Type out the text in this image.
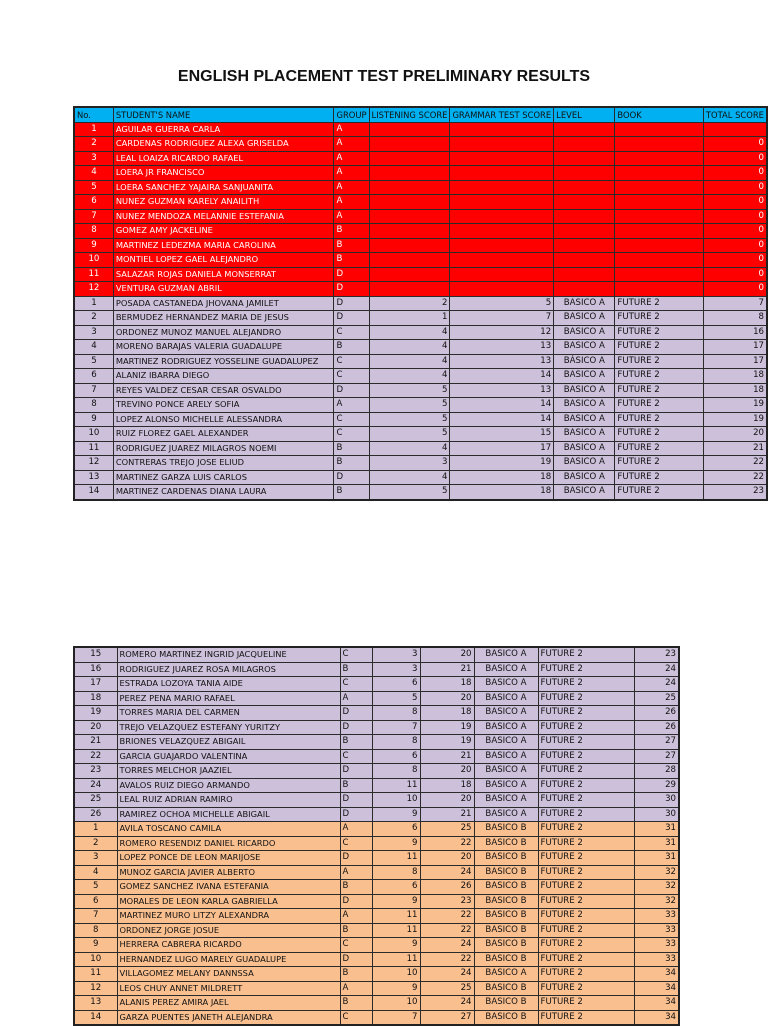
ENGLISH PLACEMENT TEST PRELIMINARY RESULTS
No.	STUDENT'S NAME	GROUP	LISTENING SCORE	GRAMMAR TEST SCORE	LEVEL	BOOK	TOTAL SCORE
1	AGUILAR GUERRA CARLA	A					
2	CARDENAS RODRIGUEZ ALEXA GRISELDA	A					0
3	LEAL LOAIZA RICARDO RAFAEL	A					0
4	LOERA JR FRANCISCO	A					0
5	LOERA SANCHEZ YAJAIRA SANJUANITA	A					0
6	NUNEZ GUZMAN KARELY ANAILITH	A					0
7	NUNEZ MENDOZA MELANNIE ESTEFANIA	A					0
8	GOMEZ AMY JACKELINE	B					0
9	MARTINEZ LEDEZMA MARIA CAROLINA	B					0
10	MONTIEL LOPEZ GAEL ALEJANDRO	B					0
11	SALAZAR ROJAS DANIELA MONSERRAT	D					0
12	VENTURA GUZMAN ABRIL	D					0
1	POSADA CASTANEDA JHOVANA JAMILET	D	2	5	BASICO A	FUTURE 2	7
2	BERMUDEZ HERNANDEZ MARIA DE JESUS	D	1	7	BASICO A	FUTURE 2	8
3	ORDONEZ MUNOZ MANUEL ALEJANDRO	C	4	12	BASICO A	FUTURE 2	16
4	MORENO BARAJAS VALERIA GUADALUPE	B	4	13	BASICO A	FUTURE 2	17
5	MARTINEZ RODRIGUEZ YOSSELINE GUADALUPEZ	C	4	13	BÁSICO A	FUTURE 2	17
6	ALANIZ IBARRA DIEGO	C	4	14	BASICO A	FUTURE 2	18
7	REYES VALDEZ CESAR CESAR OSVALDO	D	5	13	BASICO A	FUTURE 2	18
8	TREVINO PONCE ARELY SOFIA	A	5	14	BASICO A	FUTURE 2	19
9	LOPEZ ALONSO MICHELLE ALESSANDRA	C	5	14	BASICO A	FUTURE 2	19
10	RUIZ FLOREZ GAEL ALEXANDER	C	5	15	BASICO A	FUTURE 2	20
11	RODRIGUEZ JUAREZ MILAGROS NOEMI	B	4	17	BASICO A	FUTURE 2	21
12	CONTRERAS TREJO JOSE ELIUD	B	3	19	BASICO A	FUTURE 2	22
13	MARTINEZ GARZA LUIS CARLOS	D	4	18	BASICO A	FUTURE 2	22
14	MARTINEZ CARDENAS DIANA LAURA	B	5	18	BASICO A	FUTURE 2	23
15	ROMERO MARTINEZ INGRID JACQUELINE	C	3	20	BASICO A	FUTURE 2	23
16	RODRIGUEZ JUAREZ ROSA MILAGROS	B	3	21	BASICO A	FUTURE 2	24
17	ESTRADA LOZOYA TANIA AIDE	C	6	18	BASICO A	FUTURE 2	24
18	PEREZ PENA MARIO RAFAEL	A	5	20	BASICO A	FUTURE 2	25
19	TORRES MARIA DEL CARMEN	D	8	18	BASICO A	FUTURE 2	26
20	TREJO VELAZQUEZ ESTEFANY YURITZY	D	7	19	BASICO A	FUTURE 2	26
21	BRIONES VELAZQUEZ ABIGAIL	B	8	19	BASICO A	FUTURE 2	27
22	GARCIA GUAJARDO VALENTINA	C	6	21	BASICO A	FUTURE 2	27
23	TORRES MELCHOR JAAZIEL	D	8	20	BASICO A	FUTURE 2	28
24	AVALOS RUIZ DIEGO ARMANDO	B	11	18	BASICO A	FUTURE 2	29
25	LEAL RUIZ ADRIAN RAMIRO	D	10	20	BASICO A	FUTURE 2	30
26	RAMIREZ OCHOA MICHELLE ABIGAIL	D	9	21	BASICO A	FUTURE 2	30
1	AVILA TOSCANO CAMILA	A	6	25	BASICO B	FUTURE 2	31
2	ROMERO RESENDIZ DANIEL RICARDO	C	9	22	BASICO B	FUTURE 2	31
3	LOPEZ PONCE DE LEON MARIJOSE	D	11	20	BASICO B	FUTURE 2	31
4	MUNOZ GARCIA JAVIER ALBERTO	A	8	24	BASICO B	FUTURE 2	32
5	GOMEZ SANCHEZ IVANA ESTEFANIA	B	6	26	BASICO B	FUTURE 2	32
6	MORALES DE LEON KARLA GABRIELLA	D	9	23	BASICO B	FUTURE 2	32
7	MARTINEZ MURO LITZY ALEXANDRA	A	11	22	BASICO B	FUTURE 2	33
8	ORDONEZ JORGE JOSUE	B	11	22	BASICO B	FUTURE 2	33
9	HERRERA CABRERA RICARDO	C	9	24	BASICO B	FUTURE 2	33
10	HERNANDEZ LUGO MARELY GUADALUPE	D	11	22	BASICO B	FUTURE 2	33
11	VILLAGOMEZ MELANY DANNSSA	B	10	24	BASICO A	FUTURE 2	34
12	LEOS CHUY ANNET MILDRETT	A	9	25	BASICO B	FUTURE 2	34
13	ALANIS PEREZ AMIRA JAEL	B	10	24	BASICO B	FUTURE 2	34
14	GARZA PUENTES JANETH ALEJANDRA	C	7	27	BASICO B	FUTURE 2	34
